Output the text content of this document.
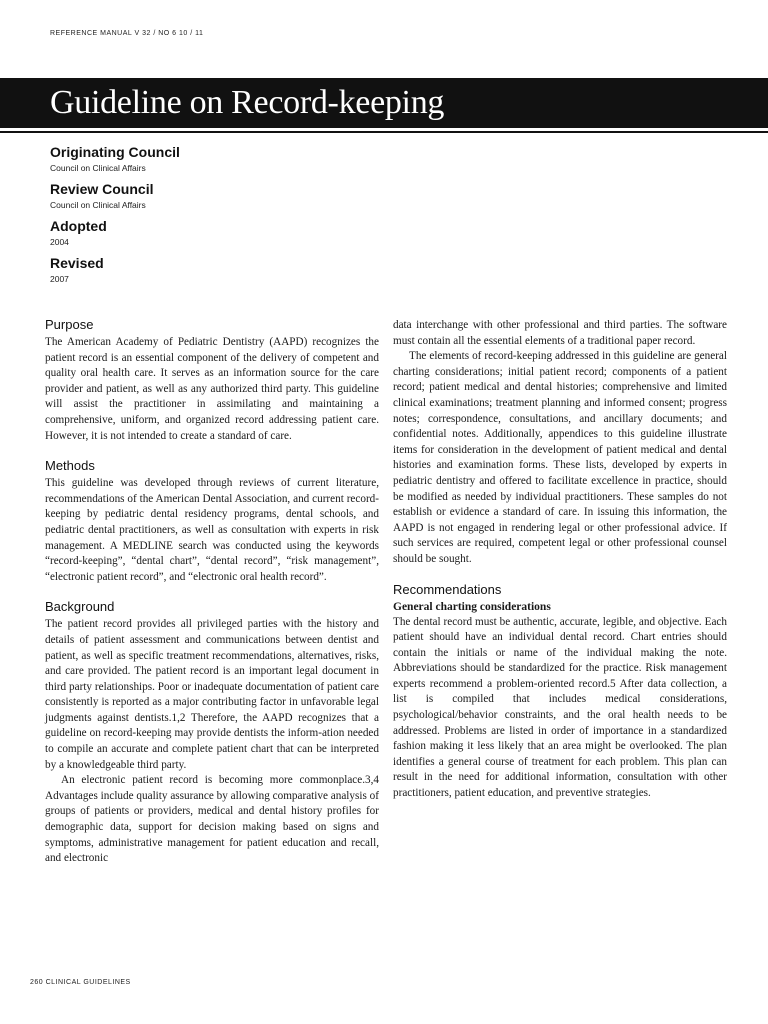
REFERENCE MANUAL V 32 / NO 6 10 / 11
Guideline on Record-keeping
Originating Council
Council on Clinical Affairs
Review Council
Council on Clinical Affairs
Adopted
2004
Revised
2007
Purpose

The American Academy of Pediatric Dentistry (AAPD) recognizes the patient record is an essential component of the delivery of competent and quality oral health care. It serves as an information source for the care provider and patient, as well as any authorized third party. This guideline will assist the practitioner in assimilating and maintaining a comprehensive, uniform, and organized record addressing patient care. However, it is not intended to create a standard of care.

Methods

This guideline was developed through reviews of current literature, recommendations of the American Dental Association, and current record-keeping by pediatric dental residency programs, dental schools, and pediatric dental practitioners, as well as consultation with experts in risk management. A MEDLINE search was conducted using the keywords “record-keeping”, “dental chart”, “dental record”, “risk management”, “electronic patient record”, and “electronic oral health record”.

Background

The patient record provides all privileged parties with the history and details of patient assessment and communications between dentist and patient, as well as specific treatment recommendations, alternatives, risks, and care provided. The patient record is an important legal document in third party relationships. Poor or inadequate documentation of patient care consistently is reported as a major contributing factor in unfavorable legal judgments against dentists.1,2 Therefore, the AAPD recognizes that a guideline on record-keeping may provide dentists the inform-ation needed to compile an accurate and complete patient chart that can be interpreted by a knowledgeable third party.

An electronic patient record is becoming more commonplace.3,4 Advantages include quality assurance by allowing comparative analysis of groups of patients or providers, medical and dental history profiles for demographic data, support for decision making based on signs and symptoms, administrative management for patient education and recall, and electronic

data interchange with other professional and third parties. The software must contain all the essential elements of a traditional paper record.

The elements of record-keeping addressed in this guideline are general charting considerations; initial patient record; components of a patient record; patient medical and dental histories; comprehensive and limited clinical examinations; treatment planning and informed consent; progress notes; correspondence, consultations, and ancillary documents; and confidential notes. Additionally, appendices to this guideline illustrate items for consideration in the development of patient medical and dental histories and examination forms. These lists, developed by experts in pediatric dentistry and offered to facilitate excellence in practice, should be modified as needed by individual practitioners. These samples do not establish or evidence a standard of care. In issuing this information, the AAPD is not engaged in rendering legal or other professional advice. If such services are required, competent legal or other professional counsel should be sought.

Recommendations
General charting considerations

The dental record must be authentic, accurate, legible, and objective. Each patient should have an individual dental record. Chart entries should contain the initials or name of the individual making the note. Abbreviations should be standardized for the practice. Risk management experts recommend a problem-oriented record.5 After data collection, a list is compiled that includes medical considerations, psychological/behavior constraints, and the oral health needs to be addressed. Problems are listed in order of importance in a standardized fashion making it less likely that an area might be overlooked. The plan identifies a general course of treatment for each problem. This plan can result in the need for additional information, consultation with other practitioners, patient education, and preventive strategies.

260 CLINICAL GUIDELINES
